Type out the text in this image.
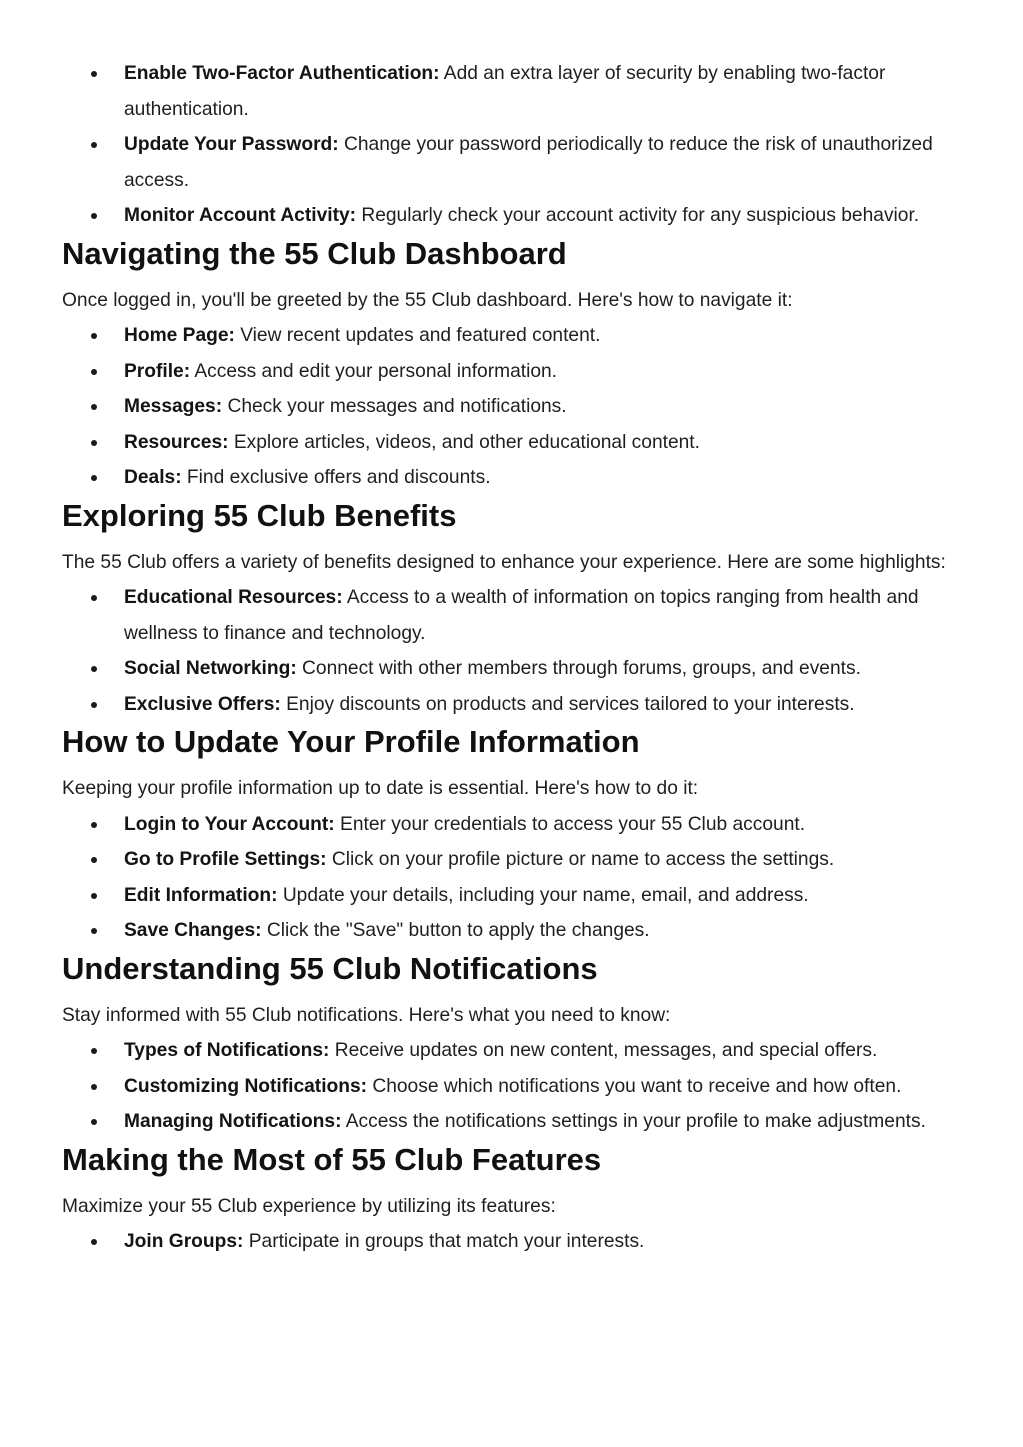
Enable Two-Factor Authentication: Add an extra layer of security by enabling two-factor authentication.
Update Your Password: Change your password periodically to reduce the risk of unauthorized access.
Monitor Account Activity: Regularly check your account activity for any suspicious behavior.
Navigating the 55 Club Dashboard

Once logged in, you'll be greeted by the 55 Club dashboard. Here's how to navigate it:

Home Page: View recent updates and featured content.
Profile: Access and edit your personal information.
Messages: Check your messages and notifications.
Resources: Explore articles, videos, and other educational content.
Deals: Find exclusive offers and discounts.
Exploring 55 Club Benefits

The 55 Club offers a variety of benefits designed to enhance your experience. Here are some highlights:

Educational Resources: Access to a wealth of information on topics ranging from health and wellness to finance and technology.
Social Networking: Connect with other members through forums, groups, and events.
Exclusive Offers: Enjoy discounts on products and services tailored to your interests.
How to Update Your Profile Information

Keeping your profile information up to date is essential. Here's how to do it:

Login to Your Account: Enter your credentials to access your 55 Club account.
Go to Profile Settings: Click on your profile picture or name to access the settings.
Edit Information: Update your details, including your name, email, and address.
Save Changes: Click the "Save" button to apply the changes.
Understanding 55 Club Notifications

Stay informed with 55 Club notifications. Here's what you need to know:

Types of Notifications: Receive updates on new content, messages, and special offers.
Customizing Notifications: Choose which notifications you want to receive and how often.
Managing Notifications: Access the notifications settings in your profile to make adjustments.
Making the Most of 55 Club Features

Maximize your 55 Club experience by utilizing its features:

Join Groups: Participate in groups that match your interests.
